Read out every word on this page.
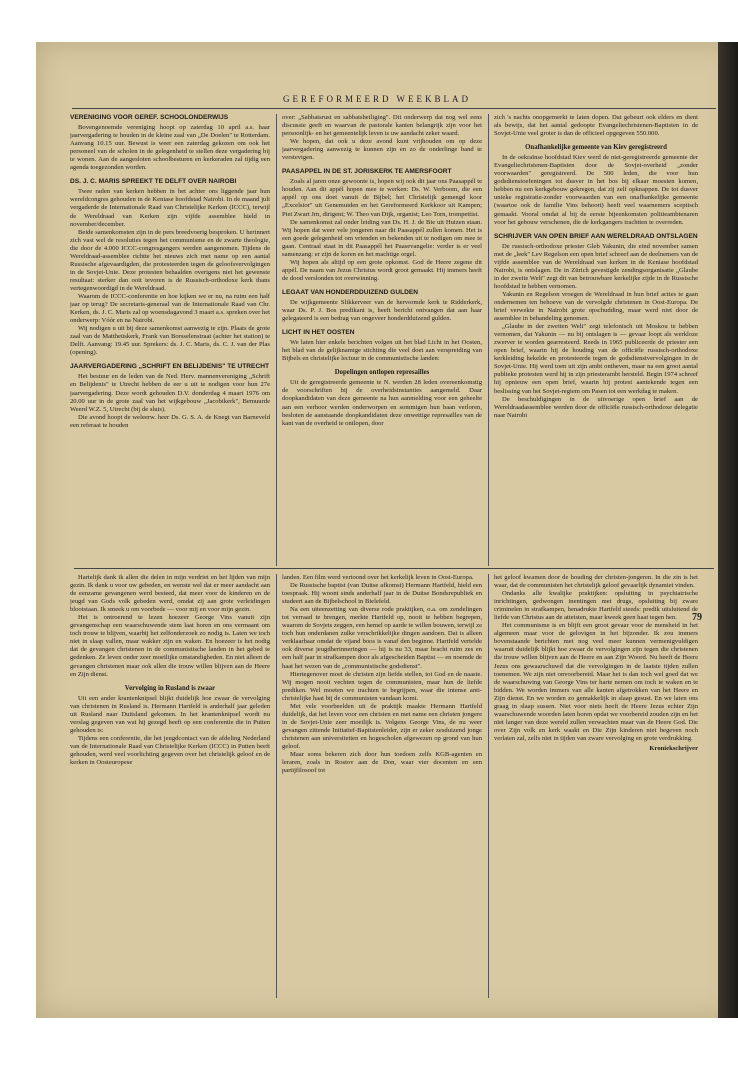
GEREFORMEERD WEEKBLAD
VERENIGING VOOR GEREF. SCHOOLONDERWIJS

Bovengenoemde vereniging hoopt op zaterdag 10 april a.s. haar jaarvergadering te houden in de kleine zaal van „De Doelen" te Rotterdam. Aanvang 10.15 uur. Bewust is weer een zaterdag gekozen om ook het personeel van de scholen in de gelegenheid te stellen deze vergadering bij te wonen. Aan de aangesloten schoolbesturen en kerkeraden zal tijdig een agenda toegezonden worden.

DS. J. C. MARIS SPREEKT TE DELFT OVER NAIROBI

Twee raden van kerken hebben in het achter ons liggende jaar hun wereldcongres gehouden in de Keniase hoofdstad Nairobi. In de maand juli vergaderde de Internationale Raad van Christelijke Kerken (ICCC), terwijl de Wereldraad van Kerken zijn vijfde assemblee hield in november/december.

Beide samenkomsten zijn in de pers breedvoerig besproken. U herinnert zich vast wel de resoluties tegen het communisme en de zwarte theologie, die door de 4.000 ICCC-congresgangers werden aangenomen. Tijdens de Wereldraad-assemblee richtte het nieuws zich met name op een aantal Russische afgevaardigden, die protesteerden tegen de geloofsvervolgingen in de Sovjet-Unie. Deze protesten behaalden overigens niet het gewenste resultaat: sterker dan ooit tevoren is de Russisch-orthodoxe kerk thans vertegenwoordigd in de Wereldraad.

Waarom de ICCC-conferentie en hoe kijken we er nu, na ruim een half jaar op terug? De secretaris-generaal van de Internationale Raad van Chr. Kerken, ds. J. C. Maris zal op woensdagavond 3 maart a.s. spreken over het onderwerp: Vóór en na Nairobi.

Wij nodigen u uit bij deze samenkomst aanwezig te zijn. Plaats de grote zaal van de Mattheüskerk, Frank van Borsselenstraat (achter het station) te Delft. Aanvang: 19.45 uur. Sprekers: ds. J. C. Maris, ds. C. J. van der Plas (opening).

JAARVERGADERING „SCHRIFT EN BELIJDENIS" TE UTRECHT

Het bestuur en de leden van de Ned. Herv. mannenvereniging „Schrift en Belijdenis" te Utrecht hebben de eer u uit te nodigen voor hun 27e jaarvergadering. Deze wordt gehouden D.V. donderdag 4 maart 1976 om 20.00 uur in de grote zaal van het wijkgebouw „Jacobikerk", Bemuurde Weerd W.Z. 5, Utrecht (bij de sluis).

Die avond hoopt de weleerw. heer Ds. G. S. A. de Knegt van Barneveld een referaat te houden

over: „Sabbatsrust en sabbatsheiliging". Dit onderwerp dat nog wel eens discussie geeft en waarvan de pastorale kanten belangrijk zijn voor het persoonlijk- en het gemeentelijk leven is uw aandacht zeker waard.

We hopen, dat ook u deze avond kunt vrijhouden om op deze jaarvergadering aanwezig te kunnen zijn en zo de onderlinge band te verstevigen.

PAASAPPEL IN DE ST. JORISKERK TE AMERSFOORT

Zoals al jaren onze gewoonte is, hopen wij ook dit jaar ons Paasappél te houden. Aan dit appél hopen mee te werken: Ds. W. Verboom, die een appél op ons doet vanuit de Bijbel; het Christelijk gemengd koor „Excelsior" uit Genemuiden en het Gereformeerd Kerkkoor uit Kampen; Piet Zwart Jrn, dirigent; W. Theo van Dijk, organist; Leo Torn, trompettist.

De samenkomst zal onder leiding van Ds. H. J. de Bie uit Huizen staan. Wij hopen dat weer vele jongeren naar dit Paasappél zullen komen. Het is een goede gelegenheid om vrienden en bekenden uit te nodigen om mee te gaan. Centraal staat in dit Paasappél het Paasevangelie: verder is er veel samenzang: er zijn de koren en het machtige orgel.

Wij hopen als altijd op een grote opkomst. God de Heere zegene dit appél. De naam van Jezus Christus wordt groot gemaakt. Hij immers heeft de dood verslonden tot overwinning.

LEGAAT VAN HONDERDDUIZEND GULDEN

De wijkgemeente Slikkerveer van de hervormde kerk te Ridderkerk, waar Ds. P. J. Bos predikant is, heeft bericht ontvangen dat aan haar gelegateerd is een bedrag van ongeveer honderdduizend gulden.

LICHT IN HET OOSTEN

We laten hier enkele berichten volgen uit het blad Licht in het Oosten, het blad van de gelijknamige stichting die veel doet aan verspreiding van Bijbels en christelijke lectuur in de communistische landen:

Dopelingen ontlopen represailles

Uit de geregistreerde gemeente te N. werden 28 leden overeenkomstig de voorschriften bij de overheidsinstanties aangemeld. Daar doopkandidaten van deze gemeente na hun aanmelding voor een geheelte aan een verhoor werden onderworpen en sommigen hun baan verloren, besloten de aanstaande doopkandidaten deze onwettige represailles van de kant van de overheid te ontlopen, door

zich 's nachts onopgemerkt te laten dopen. Dat gebeurt ook elders en dient als bewijs, dat het aantal gedoopte Evangeliechristenen-Baptisten in de Sovjet-Unie veel groter is dan de officieel opgegeven 550.000.

Onafhankelijke gemeente van Kiev geregistreerd

In de oekraïnse hoofdstad Kiev werd de niet-geregistreerde gemeente der Evangeliechristenen-Baptisten door de Sovjet-overheid „zonder voorwaarden" geregistreerd. De 500 leden, die voor hun godsdienstoefeningen tot dusver in het bos bij elkaar moesten komen, hebben nu een kerkgebouw gekregen, dat zij zelf opknappen. De tot dusver unieke registratie-zonder voorwaarden van een onafhankelijke gemeente (waartoe ook de familie Vins behoort) heeft veel waarnemers sceptisch gemaakt. Vooral omdat al bij de eerste bijeenkomsten politieambtenaren voor het gebouw verschenen, die de kerkgangers trachtten te overreden.

SCHRIJVER VAN OPEN BRIEF AAN WERELDRAAD ONTSLAGEN

De russisch-orthodoxe priester Gleb Yakunin, die eind november samen met de „leek" Lev Regelson een open brief schreef aan de deelnemers van de vijfde assemblee van de Wereldraad van kerken in de Keniase hoofdstad Nairobi, is ontslagen. De in Zürich gevestigde zendingsorganisatie „Glaube in der zweite Welt" zegt dit van betrouwbare kerkelijke zijde in de Russische hoofdstad te hebben vernomen.

Yakunin en Regelson vroegen de Wereldraad in hun brief acties te gaan ondernemen ten behoeve van de vervolgde christenen in Oost-Europa. De brief verwekte in Nairobi grote opschudding, maar werd niet door de assemblee in behandeling genomen.

„Glaube in der zweiten Welt" zegt telefonisch uit Moskou te hebben vernomen, dat Yakunin — nu bij ontslagen is — gevaar loopt als werkloze zwerver te worden gearresteerd. Reeds in 1965 publiceerde de priester een open brief, waarin hij de houding van de officiële russisch-orthodoxe kerkleiding hekelde en protesteerde tegen de godsdienstvervolgingen in de Sovjet-Unie. Hij werd toen uit zijn ambt ontheven, maar na een groot aantal publieke protesten werd hij in zijn priesterambt hersteld. Begin 1974 schreef hij opnieuw een open brief, waarin hij protest aantekende tegen een beslissing van het Sovjet-regiem om Pasen tot een werkdag te maken.

De beschuldigingen in de uitvoerige open brief aan de Wereldraadassemblee werden door de officiële russisch-orthodoxe delegatie naar Nairobi

Hartelijk dank ik allen die delen in mijn verdriet en het lijden van mijn gezin. Ik dank u voor uw gebeden, en wenste wel dat er meer aandacht aan de eenzame gevangenen werd besteed, dat meer voor de kinderen en de jeugd van Gods volk gebeden werd, omdat zij aan grote verleidingen blootstaan. Ik smeek u om voorbede — voor mij en voor mijn gezin.

Het is ontroerend te lezen hoezeer George Vins vanuit zijn gevangenschap een waarschuwende stem laat horen en ons vermaant om toch trouw te blijven, waarbij het zelfonderzoek zo nodig is. Laten we toch niet in slaap vallen, maar wakker zijn en waken. En hoezeer is het nodig dat de gevangen christenen in de communistische landen in het gebed te gedenken. Ze leven onder zeer moeilijke omstandigheden. En niet alleen de gevangen christenen maar ook allen die trouw willen blijven aan de Heere en Zijn dienst.

Vervolging in Rusland is zwaar

Uit een ander krantenknipsel blijkt duidelijk hoe zwaar de vervolging van christenen in Rusland is. Hermann Hartfeld is anderhalf jaar geleden uit Rusland naar Duitsland gekomen. In het krantenknipsel wordt nu verslag gegeven van wat hij gezegd heeft op een conferentie die in Putten gehouden is:

Tijdens een conferentie, die het jeugdcontact van de afdeling Nederland van de Internationale Raad van Christelijke Kerken (ICCC) in Putten heeft gehouden, werd veel voorlichting gegeven over het christelijk geloof en de kerken in Oosteuropese

landen. Een film werd vertoond over het kerkelijk leven in Oost-Europa.

De Russische baptist (van Duitse afkomst) Hermann Hartfeld, hield een toespraak. Hij woont sinds anderhalf jaar in de Duitse Bondsrepubliek en studeert aan de Bijbelschool in Bielefeld.

Na een uiteenzetting van diverse rode praktijken, o.a. om zendelingen tot verraad te brengen, merkte Hartfeld op, nooit te hebben begrepen, waarom de Sovjets zeggen, een hemel op aarde te willen bouwen, terwijl ze toch hun onderdanen zulke verschrikkelijke dingen aandoen. Dat is alleen verklaarbaar omdat de vijand boos is vanaf den beginne. Hartfeld vertelde ook diverse jeugdherinneringen — hij is nu 33, maar bracht ruim zes en een half jaar in strafkampen door als afgescheiden Baptist — en noemde de haat het wezen van de „communistische godsdienst".

Hiertegenover moet de christen zijn liefde stellen, tot God en de naaste. Wij mogen nooit vechten tegen de communisten, maar hun de liefde prediken. Wel moeten we trachten te begrijpen, waar die intense anti-christelijke haat bij de communisten vandaan komt.

Met vele voorbeelden uit de praktijk maakte Hermann Hartfeld duidelijk, dat het leven voor een christen en met name een christen jongere in de Sovjet-Unie zeer moeilijk is. Volgens George Vins, de nu weer gevangen zittende Initiatief-Baptistenleider, zijn er zeker zesduizend jonge christenen aan universiteiten en hogescholen afgewezen op grond van hun geloof.

Maar soms bekeren zich door hun toedoen zelfs KGB-agenten en leraren, zoals in Rostov aan de Don, waar vier docenten en een partijfilosoof tot

het geloof kwamen door de houding der christen-jongeren. In die zin is het waar, dat de communisten het christelijk geloof gevaarlijk dynamiet vinden.

Ondanks alle kwalijke praktijken: opsluiting in psychiatrische inrichtingen, gedwongen inentingen met drugs, opsluiting bij zware criminelen in strafkampen, benadrukte Hartfeld steeds: predik uitsluitend de liefde van Christus aan de atteisten, maar kweek geen haat tegen hen.

Het communisme is en blijft een groot gevaar voor de mensheid in het algemeen maar voor de gelovigen in het bijzonder. Ik zou immers bovenstaande berichten met nog veel meer kunnen vermenigvuldigen waaruit duidelijk blijkt hoe zwaar de vervolgingen zijn tegen die christenen die trouw willen blijven aan de Heere en aan Zijn Woord. Nu heeft de Heere Jezus ons gewaarschuwd dat die vervolgingen in de laatste tijden zullen toenemen. We zijn niet onvoorbereid. Maar het is dan toch wel goed dat we de waarschuwing van George Vins ter harte nemen om toch te waken en te bidden. We worden immers van alle kanten afgetrokken van het Heere en Zijn dienst. En we worden zo gemakkelijk in slaap gesust. En we laten ons graag in slaap sussen. Niet voor niets heeft de Heere Jezus echter Zijn waarschuwende woorden laten horen opdat we voorbereid zouden zijn en het niet langer van deze wereld zullen verwachten maar van de Heere God. Die over Zijn volk en kerk waakt en Die Zijn kinderen niet begeven noch verlaten zal, zelfs niet in tijden van zware vervolging en grote verdrukking.

Kroniekschrijver
79
